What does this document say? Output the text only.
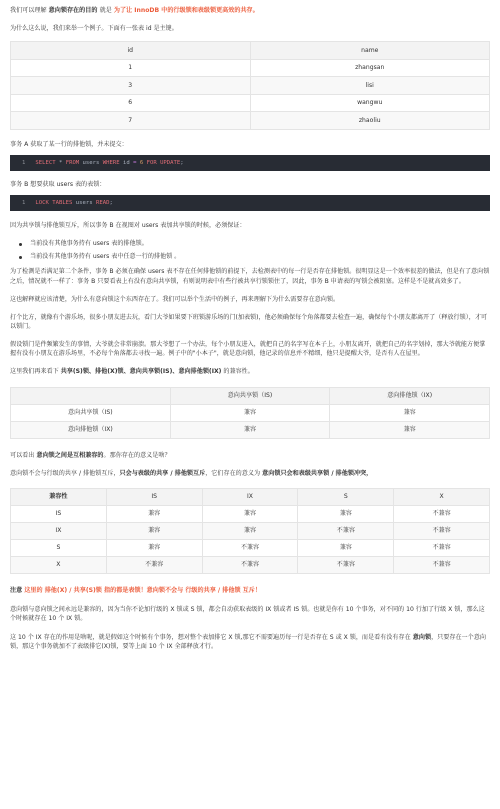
我们可以理解 意向锁存在的目的 就是 为了让 InnoDB 中的行级锁和表级锁更高效的共存。

为什么这么说，我们来举一个例子。下面有一张表 id 是主键。

id	name
1	zhangsan
3	lisi
6	wangwu
7	zhaoliu

事务 A 获取了某一行的排他锁，并未提交：

1 SELECT * FROM users WHERE id =
6
FOR UPDATE ;

事务 B 想要获取 users 表的表锁：

1 LOCK TABLES users READ ;

因为共享锁与排他锁互斥，所以事务 B 在视图对 users 表加共享锁的时候，必须保证：

当前没有其他事务持有 users 表的排他锁。
当前没有其他事务持有 users 表中任意一行的排他锁 。

为了检测是否满足第二个条件，事务 B 必须在确保 users 表不存在任何排他锁的前提下，去检测表中的每一行是否存在排他锁。很明显这是一个效率很差的做法，但是有了意向锁之后，情况就不一样了：事务 B 只要看表上有没有意向共享锁，有则说明表中有些行被共享行锁锁住了，因此，事务 B 申请表的写锁会被阻塞。这样是不是就高效多了。

这也解释就应该清楚，为什么有意向锁这个东西存在了。我们可以举个生活中的例子，再来理解下为什么需要存在意向锁。

打个比方，就像有个游乐场，很多小朋友进去玩，看门大爷如果要下班锁游乐场的门(加表锁)，他必须确保每个角落都要去检查一遍，确保每个小朋友都离开了（释放行锁），才可以锁门。

假设锁门是件频繁发生的事情，大爷就会非常崩溃。那大爷想了一个办法，每个小朋友进入，就把自己的名字写在本子上，小朋友离开，就把自己的名字划掉，那大爷就能方便掌握有没有小朋友在游乐场里，不必每个角落都去寻找一遍。例子中的"小本子"，就是意向锁，他记录的信息并不精细，他只是提醒大爷，是否有人在屋里。

这里我们再来看下 共享(S)锁、排他(X)锁、意向共享锁(IS)、意向排他锁(IX) 的兼容性。

	意向共享锁（IS)	意向排他锁（IX)
意向共享锁（IS)	兼容	兼容
意向排他锁（IX)	兼容	兼容

可以看出 意向锁之间是互相兼容的。那你存在的意义是啥？

意向锁不会与行级的共享 / 排他锁互斥，只会与表级的共享 / 排他锁互斥，它们存在的意义为 意向锁只会和表级共享锁 / 排他锁冲突，

兼容性	IS	IX	S	X
IS	兼容	兼容	兼容	不兼容
IX	兼容	兼容	不兼容	不兼容
S	兼容	不兼容	兼容	不兼容
X	不兼容	不兼容	不兼容	不兼容

注意 这里的 排他(X) / 共享(S)锁 指的都是表锁！意向锁不会与 行级的共享 / 排他锁 互斥！

意向锁与意向锁之间永远是兼容的，因为当你不论加行级的 X 锁或 S 锁，都会自动获取表级的 IX 锁或者 IS 锁。也就是你有 10 个事务，对不同的 10 行加了行级 X 锁，那么这个时候就存在 10 个 IX 锁。

这 10 个 IX 存在的作用是啥呢，就是假如这个时候有个事务，想对整个表加排它 X 锁,那它不需要遍历每一行是否存在 S 或 X 锁，而是看有没有存在 意向锁，只要存在一个意向锁，那这个事务就加不了表级排它(X)锁，要等上面 10 个 IX 全部释放才行。
